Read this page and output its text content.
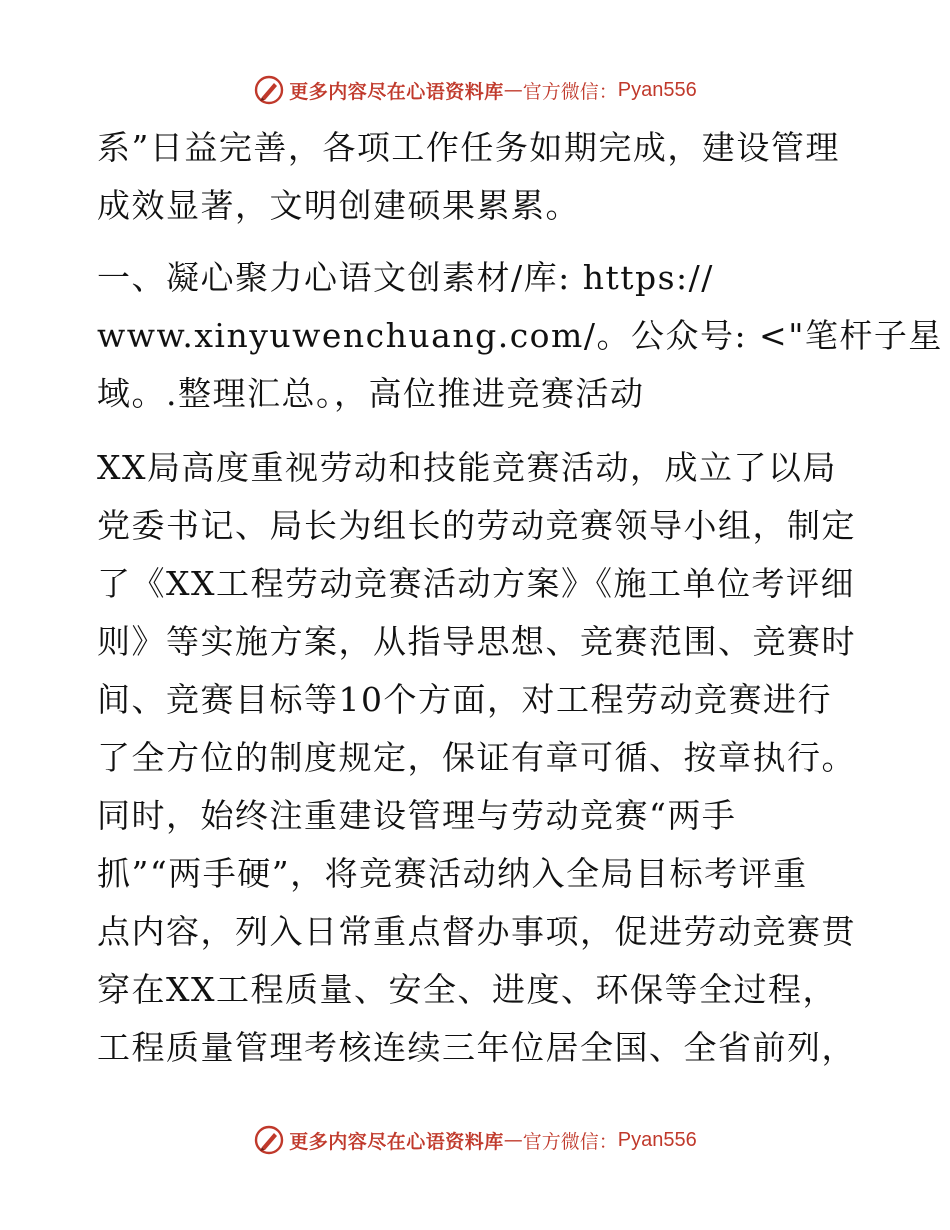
更多内容尽在心语资料库 — 官方微信： Pyan556
系”日益完善，各项工作任务如期完成，建设管理
成效显著，文明创建硕果累累。
一、凝心聚力心语文创素材/库: https://
www.xinyuwenchuang.com/。公众号: <"笔杆子星
域。.整理汇总。，高位推进竞赛活动
XX局高度重视劳动和技能竞赛活动，成立了以局
党委书记、局长为组长的劳动竞赛领导小组，制定
了《XX工程劳动竞赛活动方案》《施工单位考评细
则》等实施方案，从指导思想、竞赛范围、竞赛时
间、竞赛目标等10个方面，对工程劳动竞赛进行
了全方位的制度规定，保证有章可循、按章执行。
同时，始终注重建设管理与劳动竞赛“两手
抓”“两手硬”，将竞赛活动纳入全局目标考评重
点内容，列入日常重点督办事项，促进劳动竞赛贯
穿在XX工程质量、安全、进度、环保等全过程，
工程质量管理考核连续三年位居全国、全省前列，
更多内容尽在心语资料库 — 官方微信： Pyan556
